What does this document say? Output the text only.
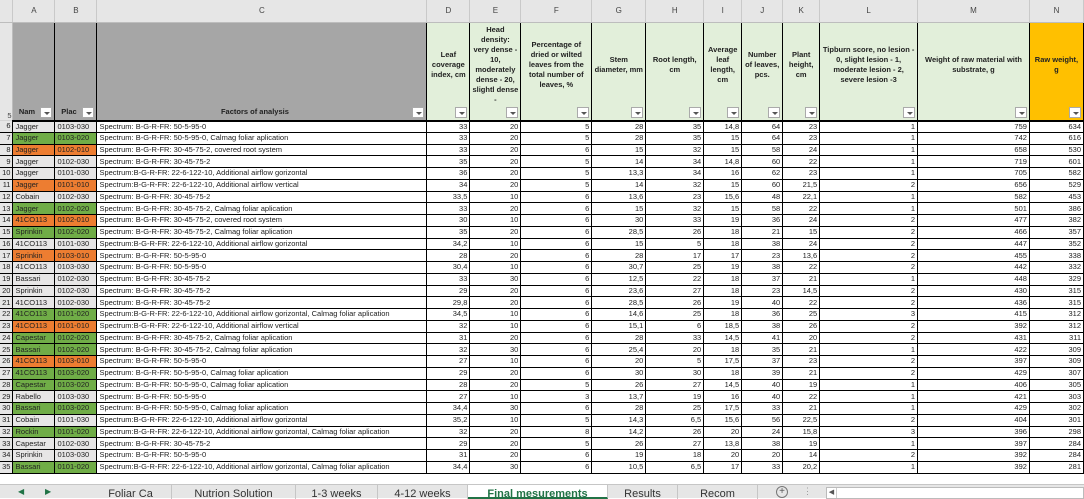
	A	B	C	D	E	F	G	H	I	J	K	L	M	N
5	Nam	Plac	Factors of analysis	Leaf coverage index, cm	Head density: very dense - 10, moderately dense - 20, slightl dense -	Percentage of dried or wilted leaves from the total number of leaves, %	Stem diameter, mm	Root length, cm	Average leaf length, cm	Number of leaves, pcs.	Plant height, cm	Tipburn score, no lesion - 0, slight lesion - 1, moderate lesion - 2, severe lesion -3	Weight of raw material with substrate, g	Raw weight, g

6	Jagger	0103-030	Spectrum: B-G-R-FR: 50-5-95-0	33	20	5	28	35	14,8	64	23	1	759	634
7	Jagger	0103-020	Spectrum: B-G-R-FR: 50-5-95-0, Calmag foliar aplication	33	20	5	28	35	15	64	23	1	742	616
8	Jagger	0102-010	Spectrum: B-G-R-FR: 30-45-75-2, covered root system	33	20	6	15	32	15	58	24	1	658	530
9	Jagger	0102-030	Spectrum: B-G-R-FR: 30-45-75-2	35	20	5	14	34	14,8	60	22	1	719	601
10	Jagger	0101-030	Spectrum:B-G-R-FR: 22-6-122-10, Additional airflow gorizontal	36	20	5	13,3	34	16	62	23	1	705	582
11	Jagger	0101-010	Spectrum:B-G-R-FR: 22-6-122-10, Additional airflow vertical	34	20	5	14	32	15	60	21,5	2	656	529
12	Cobain	0102-030	Spectrum: B-G-R-FR: 30-45-75-2	33,5	10	6	13,6	23	15,6	48	22,1	1	582	453
13	Jagger	0102-020	Spectrum: B-G-R-FR: 30-45-75-2, Calmag foliar aplication	33	20	6	15	32	15	58	22	1	501	386
14	41CO113	0102-010	Spectrum: B-G-R-FR: 30-45-75-2, covered root system	30	10	6	30	33	19	36	24	2	477	382
15	Sprinkin	0102-020	Spectrum: B-G-R-FR: 30-45-75-2, Calmag foliar aplication	35	20	6	28,5	26	18	21	15	2	466	357
16	41CO113	0101-030	Spectrum:B-G-R-FR: 22-6-122-10, Additional airflow gorizontal	34,2	10	6	15	5	18	38	24	2	447	352
17	Sprinkin	0103-010	Spectrum: B-G-R-FR: 50-5-95-0	28	20	6	28	17	17	23	13,6	2	455	338
18	41CO113	0103-030	Spectrum: B-G-R-FR: 50-5-95-0	30,4	10	6	30,7	25	19	38	22	2	442	332
19	Bassari	0102-030	Spectrum: B-G-R-FR: 30-45-75-2	33	30	6	12,5	22	18	37	21	1	448	329
20	Sprinkin	0102-030	Spectrum: B-G-R-FR: 30-45-75-2	29	20	6	23,6	27	18	23	14,5	2	430	315
21	41CO113	0102-030	Spectrum: B-G-R-FR: 30-45-75-2	29,8	20	6	28,5	26	19	40	22	2	436	315
22	41CO113	0101-020	Spectrum:B-G-R-FR: 22-6-122-10, Additional airflow gorizontal, Calmag foliar aplication	34,5	10	6	14,6	25	18	36	25	3	415	312
23	41CO113	0101-010	Spectrum:B-G-R-FR: 22-6-122-10, Additional airflow vertical	32	10	6	15,1	6	18,5	38	26	2	392	312
24	Capestar	0102-020	Spectrum: B-G-R-FR: 30-45-75-2, Calmag foliar aplication	31	20	6	28	33	14,5	41	20	2	431	311
25	Bassari	0102-020	Spectrum: B-G-R-FR: 30-45-75-2, Calmag foliar aplication	32	30	6	25,4	20	18	35	21	1	422	309
26	41CO113	0103-010	Spectrum: B-G-R-FR: 50-5-95-0	27	10	6	20	5	17,5	37	23	2	397	309
27	41CO113	0103-020	Spectrum: B-G-R-FR: 50-5-95-0, Calmag foliar aplication	29	20	6	30	30	18	39	21	2	429	307
28	Capestar	0103-020	Spectrum: B-G-R-FR: 50-5-95-0, Calmag foliar aplication	28	20	5	26	27	14,5	40	19	1	406	305
29	Rabello	0103-030	Spectrum: B-G-R-FR: 50-5-95-0	27	10	3	13,7	19	16	40	22	1	421	303
30	Bassari	0103-020	Spectrum: B-G-R-FR: 50-5-95-0, Calmag foliar aplication	34,4	30	6	28	25	17,5	33	21	1	429	302
31	Cobain	0101-030	Spectrum:B-G-R-FR: 22-6-122-10, Additional airflow gorizontal	35,2	10	5	14,3	6,5	15,6	56	22,5	2	404	301
32	Rockin	0101-020	Spectrum:B-G-R-FR: 22-6-122-10, Additional airflow gorizontal, Calmag foliar aplication	32	20	8	14,2	26	20	24	15,8	3	396	298
33	Capestar	0102-030	Spectrum: B-G-R-FR: 30-45-75-2	29	20	5	26	27	13,8	38	19	1	397	284
34	Sprinkin	0103-030	Spectrum: B-G-R-FR: 50-5-95-0	31	20	6	19	18	20	20	14	2	392	284
35	Bassari	0101-020	Spectrum:B-G-R-FR: 22-6-122-10, Additional airflow gorizontal, Calmag foliar aplication	34,4	30	6	10,5	6,5	17	33	20,2	1	392	281
◀	▶	Foliar Ca	Nutrion Solution	1-3 weeks	4-12 weeks	Final mesurements	Results	Recom	+	⋮ ◀
